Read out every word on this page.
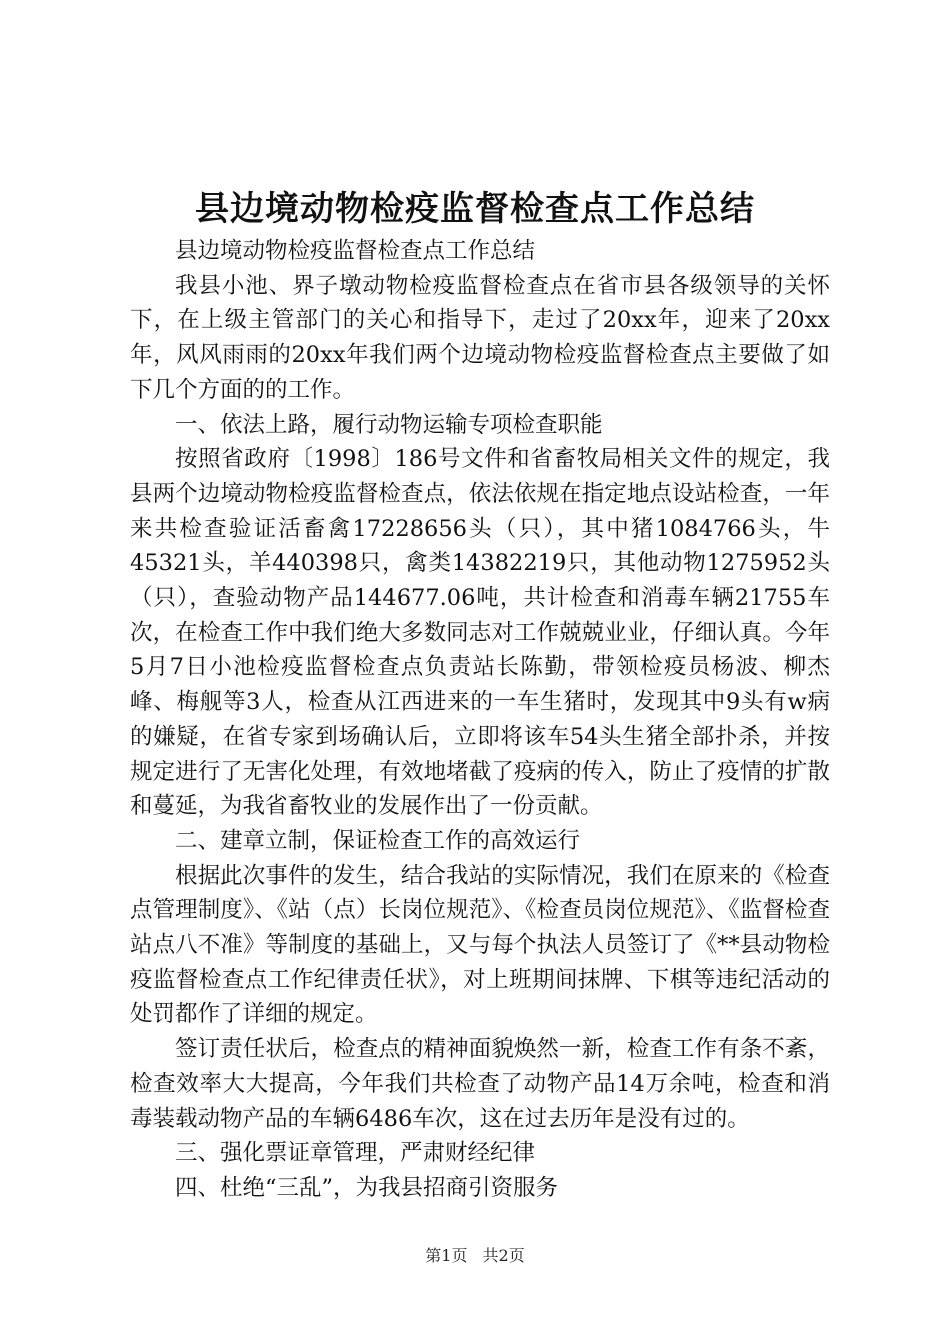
县边境动物检疫监督检查点工作总结

县边境动物检疫监督检查点工作总结

我县小池、界子墩动物检疫监督检查点在省市县各级领导的关怀下，在上级主管部门的关心和指导下，走过了20xx年，迎来了20xx年，风风雨雨的20xx年我们两个边境动物检疫监督检查点主要做了如下几个方面的的工作。

一、依法上路，履行动物运输专项检查职能

按照省政府〔1998〕186号文件和省畜牧局相关文件的规定，我县两个边境动物检疫监督检查点，依法依规在指定地点设站检查，一年来共检查验证活畜禽17228656头（只），其中猪1084766头，牛45321头，羊440398只，禽类14382219只，其他动物1275952头（只），查验动物产品144677.06吨，共计检查和消毒车辆21755车次，在检查工作中我们绝大多数同志对工作兢兢业业，仔细认真。今年5月7日小池检疫监督检查点负责站长陈勤，带领检疫员杨波、柳杰峰、梅舰等3人，检查从江西进来的一车生猪时，发现其中9头有w病的嫌疑，在省专家到场确认后，立即将该车54头生猪全部扑杀，并按规定进行了无害化处理，有效地堵截了疫病的传入，防止了疫情的扩散和蔓延，为我省畜牧业的发展作出了一份贡献。

二、建章立制，保证检查工作的高效运行

根据此次事件的发生，结合我站的实际情况，我们在原来的《检查点管理制度》、《站（点）长岗位规范》、《检查员岗位规范》、《监督检查站点八不准》等制度的基础上，又与每个执法人员签订了《**县动物检疫监督检查点工作纪律责任状》，对上班期间抹牌、下棋等违纪活动的处罚都作了详细的规定。

签订责任状后，检查点的精神面貌焕然一新，检查工作有条不紊，检查效率大大提高，今年我们共检查了动物产品14万余吨，检查和消毒装载动物产品的车辆6486车次，这在过去历年是没有过的。

三、强化票证章管理，严肃财经纪律

四、杜绝“三乱”，为我县招商引资服务

第1页 共2页
